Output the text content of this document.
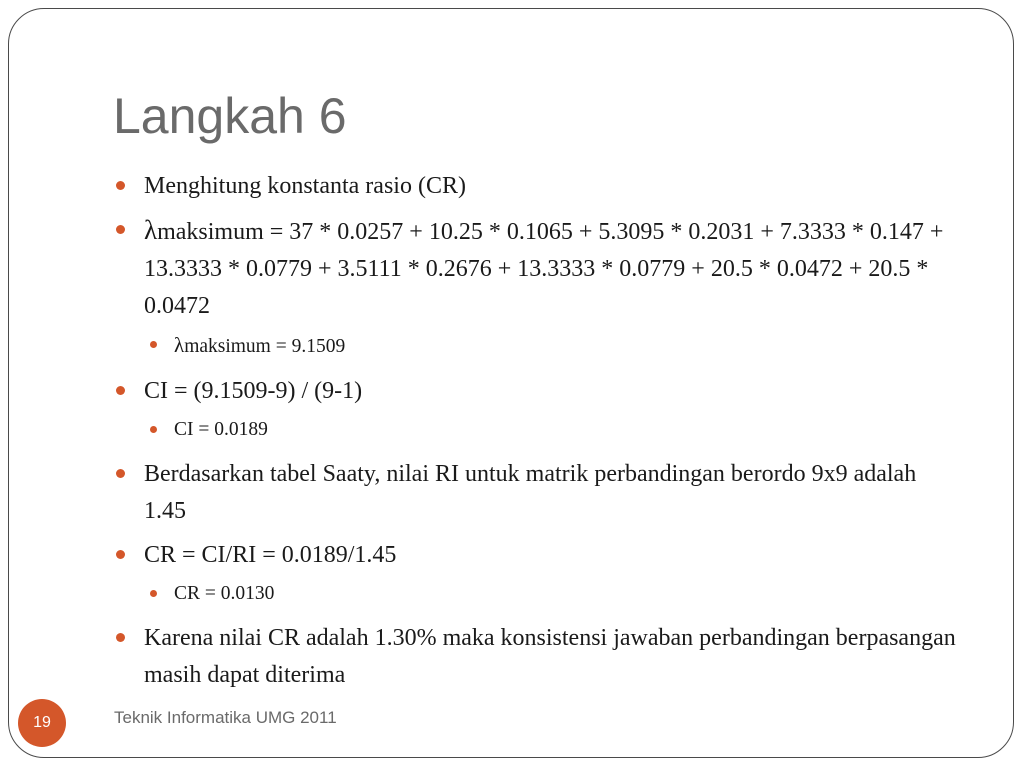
Langkah 6
Menghitung konstanta rasio (CR)
λmaksimum = 37 * 0.0257 + 10.25 * 0.1065 + 5.3095 * 0.2031 + 7.3333 * 0.147 + 13.3333 * 0.0779 + 3.5111 * 0.2676 + 13.3333 * 0.0779 + 20.5 * 0.0472 + 20.5 * 0.0472
λmaksimum = 9.1509
CI = (9.1509-9) / (9-1)
CI = 0.0189
Berdasarkan tabel Saaty, nilai RI untuk matrik perbandingan berordo 9x9 adalah 1.45
CR = CI/RI = 0.0189/1.45
CR = 0.0130
Karena nilai CR adalah 1.30% maka konsistensi jawaban perbandingan berpasangan masih dapat diterima
19	Teknik Informatika UMG 2011
